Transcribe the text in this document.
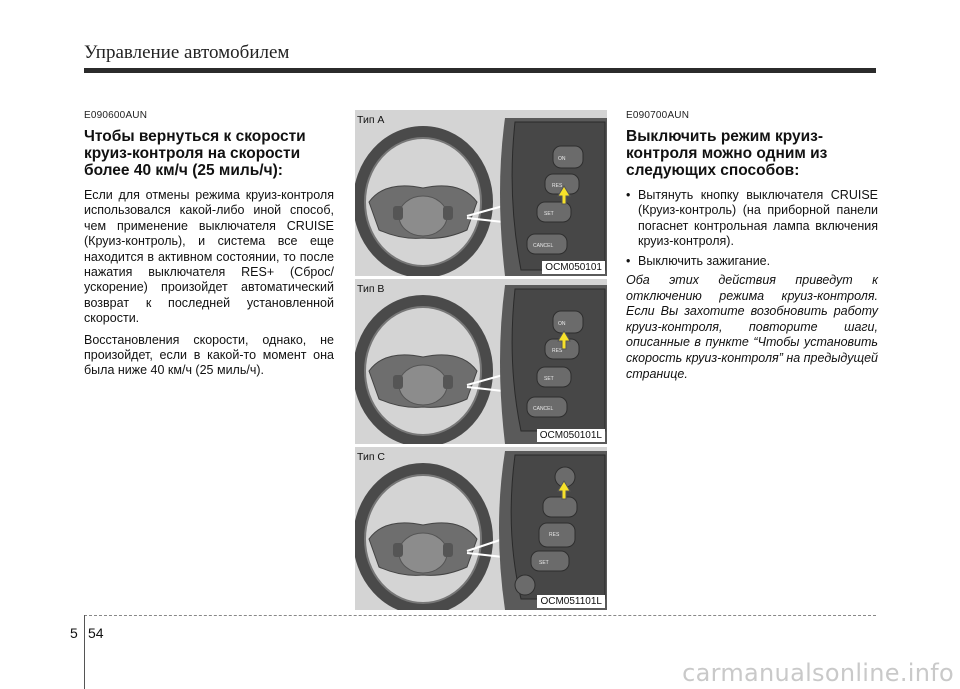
Управление автомобилем

E090600AUN

Чтобы вернуться к скорости круиз-контроля на скорости более 40 км/ч (25 миль/ч):

Если для отмены режима круиз-контроля использовался какой-либо иной способ, чем применение выключателя CRUISE (Круиз-контроль), и система все еще находится в активном состоянии, то после нажатия выключателя RES+ (Сброс/ускорение) произойдет автоматический возврат к последней установленной скорости.

Восстановления скорости, однако, не произойдет, если в какой-то момент она была ниже 40 км/ч (25 миль/ч).

ON
RES
SET
CANCEL
Тип A
OCM050101
ON
RES
SET
CANCEL
Тип B
OCM050101L
RES
SET
Тип C
OCM051101L

E090700AUN

Выключить режим круиз-контроля можно одним из следующих способов:
• Вытянуть кнопку выключателя CRUISE (Круиз-контроль) (на приборной панели погаснет контрольная лампа включения круиз-контроля).
• Выключить зажигание.

Оба этих действия приведут к отключению режима круиз-контроля. Если Вы захотите возобновить работу круиз-контроля, повторите шаги, описанные в пункте “Чтобы установить скорость круиз-контроля” на предыдущей странице.

5 54

carmanualsonline.info
